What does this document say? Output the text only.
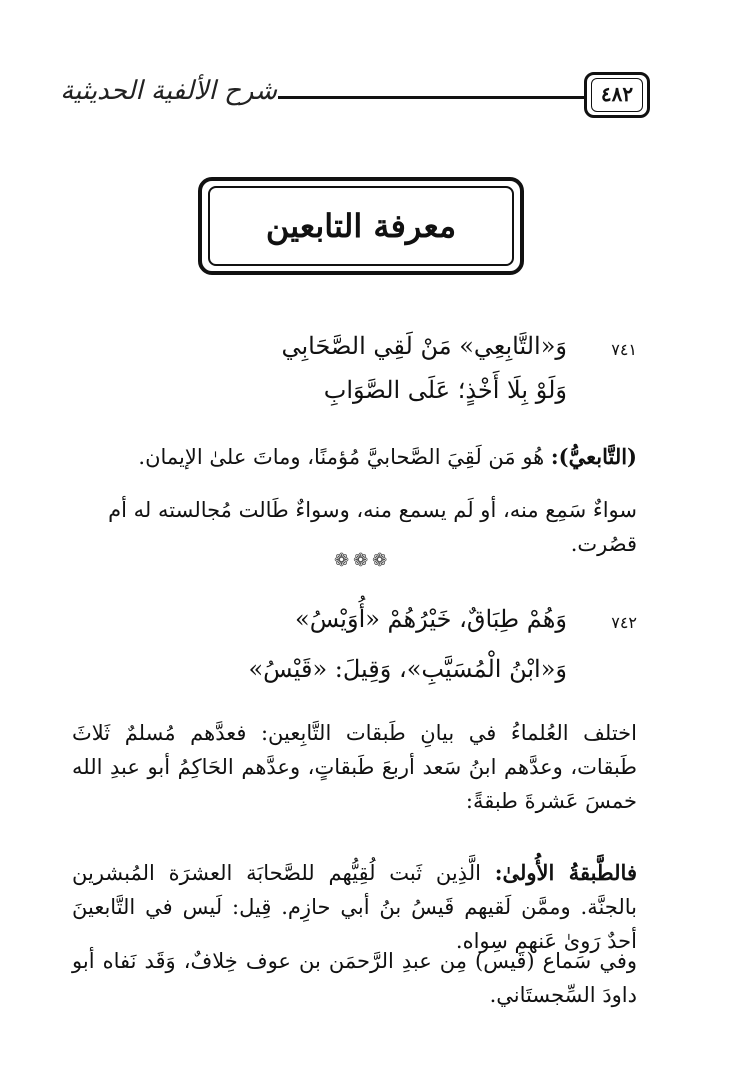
شرح الألفية الحديثية	٤٨٢
معرفة التابعين
٧٤١
وَ«التَّابِعِي» مَنْ لَقِي الصَّحَابِي
وَلَوْ بِلَا أَخْذٍ؛ عَلَى الصَّوَابِ
(التَّابعيُّ): هُو مَن لَقِيَ الصَّحابيَّ مُؤمنًا، وماتَ علىٰ الإيمان.
سواءٌ سَمِع منه، أو لَم يسمع منه، وسواءٌ طَالت مُجالسته له أم قصُرت.
❁❁❁
٧٤٢
وَهُمْ طِبَاقٌ، خَيْرُهُمْ «أُوَيْسُ»
وَ«ابْنُ الْمُسَيَّبِ»، وَقِيلَ: «قَيْسُ»
اختلف العُلماءُ في بيانِ طَبقات التَّابِعين: فعدَّهم مُسلمٌ ثَلاثَ طَبقات، وعدَّهم ابنُ سَعد أربعَ طَبقاتٍ، وعدَّهم الحَاكِمُ أبو عبدِ الله خمسَ عَشرةَ طبقةً:
فالطَّبقةُ الأُولىٰ: الَّذِين ثَبت لُقِيُّهم للصَّحابَة العشرَة المُبشرين بالجنَّة. وممَّن لَقيهم قَيسُ بنُ أبي حازِم. قِيل: لَيس في التَّابعينَ أحدٌ رَوىٰ عَنهم سِواه.
وفي سَماع (قَيس) مِن عبدِ الرَّحمَن بن عوف خِلافٌ، وَقَد نَفاه أبو داودَ السِّجستَاني.
